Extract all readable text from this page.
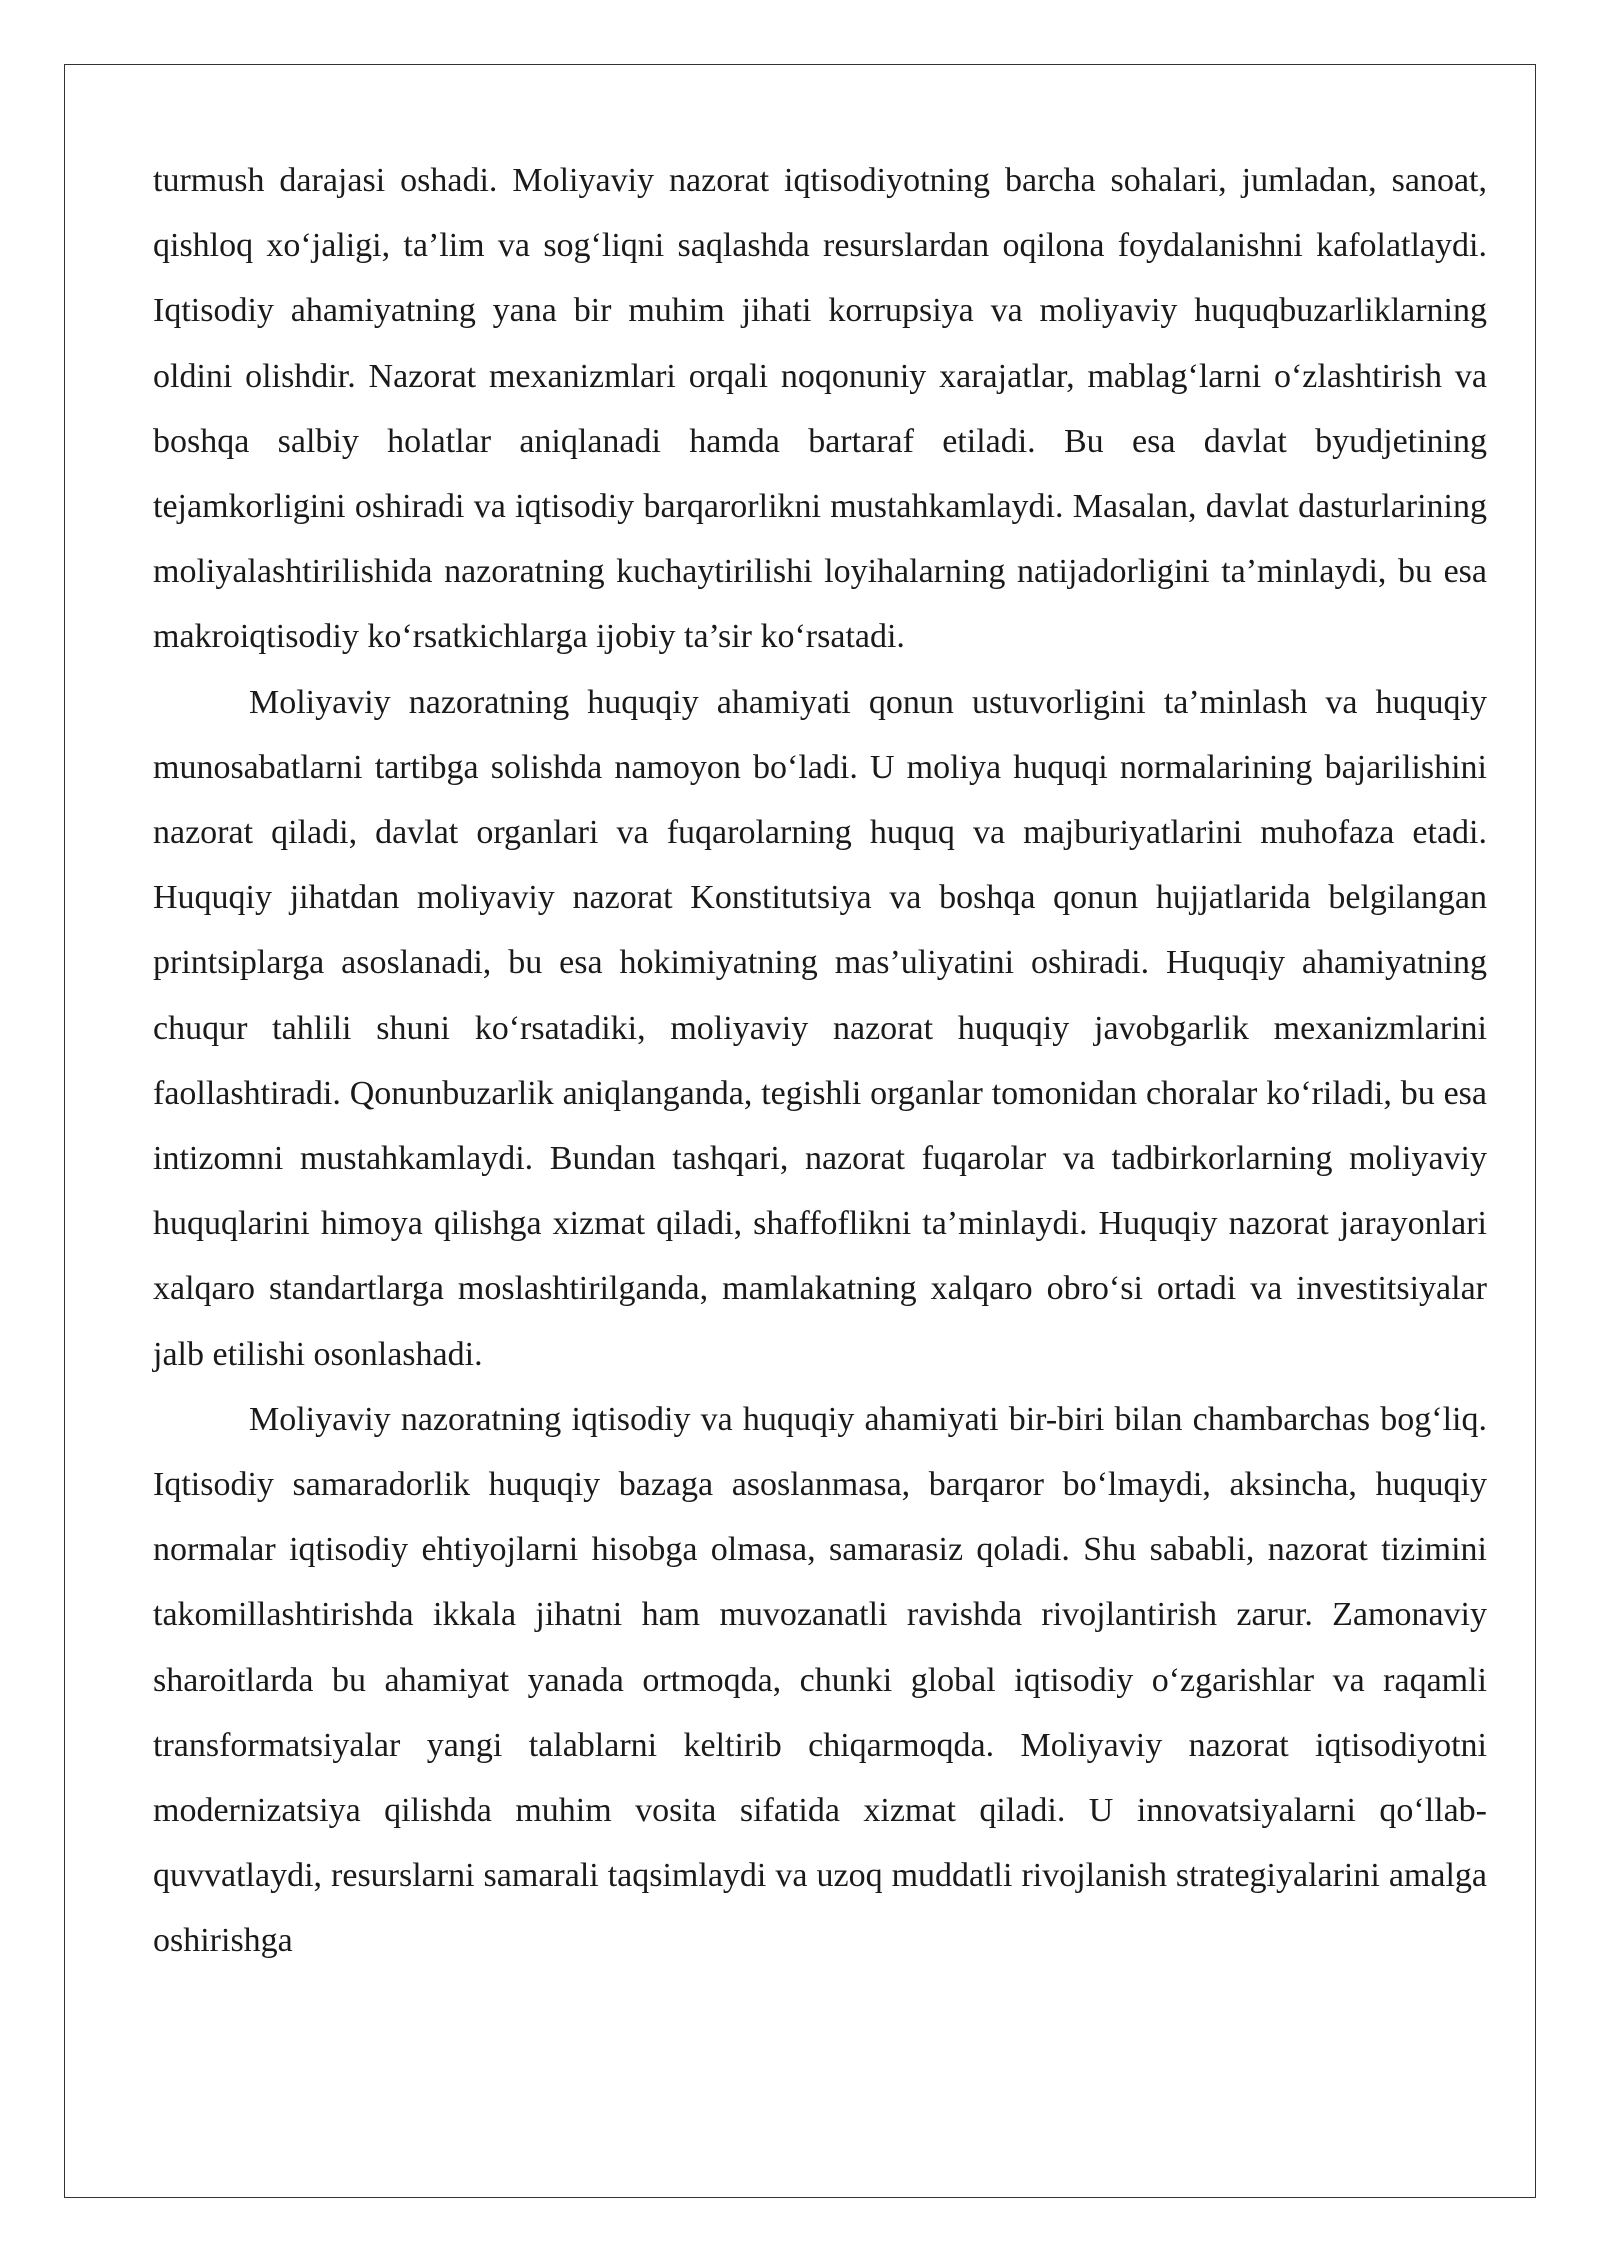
turmush darajasi oshadi. Moliyaviy nazorat iqtisodiyotning barcha sohalari, jumladan, sanoat, qishloq xo‘jaligi, ta’lim va sog‘liqni saqlashda resurslardan oqilona foydalanishni kafolatlaydi. Iqtisodiy ahamiyatning yana bir muhim jihati korrupsiya va moliyaviy huquqbuzarliklarning oldini olishdir. Nazorat mexanizmlari orqali noqonuniy xarajatlar, mablag‘larni o‘zlashtirish va boshqa salbiy holatlar aniqlanadi hamda bartaraf etiladi. Bu esa davlat byudjetining tejamkorligini oshiradi va iqtisodiy barqarorlikni mustahkamlaydi. Masalan, davlat dasturlarining moliyalashtirilishida nazoratning kuchaytirilishi loyihalarning natijadorligini ta’minlaydi, bu esa makroiqtisodiy ko‘rsatkichlarga ijobiy ta’sir ko‘rsatadi.

Moliyaviy nazoratning huquqiy ahamiyati qonun ustuvorligini ta’minlash va huquqiy munosabatlarni tartibga solishda namoyon bo‘ladi. U moliya huquqi normalarining bajarilishini nazorat qiladi, davlat organlari va fuqarolarning huquq va majburiyatlarini muhofaza etadi. Huquqiy jihatdan moliyaviy nazorat Konstitutsiya va boshqa qonun hujjatlarida belgilangan printsiplarga asoslanadi, bu esa hokimiyatning mas’uliyatini oshiradi. Huquqiy ahamiyatning chuqur tahlili shuni ko‘rsatadiki, moliyaviy nazorat huquqiy javobgarlik mexanizmlarini faollashtiradi. Qonunbuzarlik aniqlanganda, tegishli organlar tomonidan choralar ko‘riladi, bu esa intizomni mustahkamlaydi. Bundan tashqari, nazorat fuqarolar va tadbirkorlarning moliyaviy huquqlarini himoya qilishga xizmat qiladi, shaffoflikni ta’minlaydi. Huquqiy nazorat jarayonlari xalqaro standartlarga moslashtirilganda, mamlakatning xalqaro obro‘si ortadi va investitsiyalar jalb etilishi osonlashadi.

Moliyaviy nazoratning iqtisodiy va huquqiy ahamiyati bir-biri bilan chambarchas bog‘liq. Iqtisodiy samaradorlik huquqiy bazaga asoslanmasa, barqaror bo‘lmaydi, aksincha, huquqiy normalar iqtisodiy ehtiyojlarni hisobga olmasa, samarasiz qoladi. Shu sababli, nazorat tizimini takomillashtirishda ikkala jihatni ham muvozanatli ravishda rivojlantirish zarur. Zamonaviy sharoitlarda bu ahamiyat yanada ortmoqda, chunki global iqtisodiy o‘zgarishlar va raqamli transformatsiyalar yangi talablarni keltirib chiqarmoqda. Moliyaviy nazorat iqtisodiyotni modernizatsiya qilishda muhim vosita sifatida xizmat qiladi. U innovatsiyalarni qo‘llab-quvvatlaydi, resurslarni samarali taqsimlaydi va uzoq muddatli rivojlanish strategiyalarini amalga oshirishga
